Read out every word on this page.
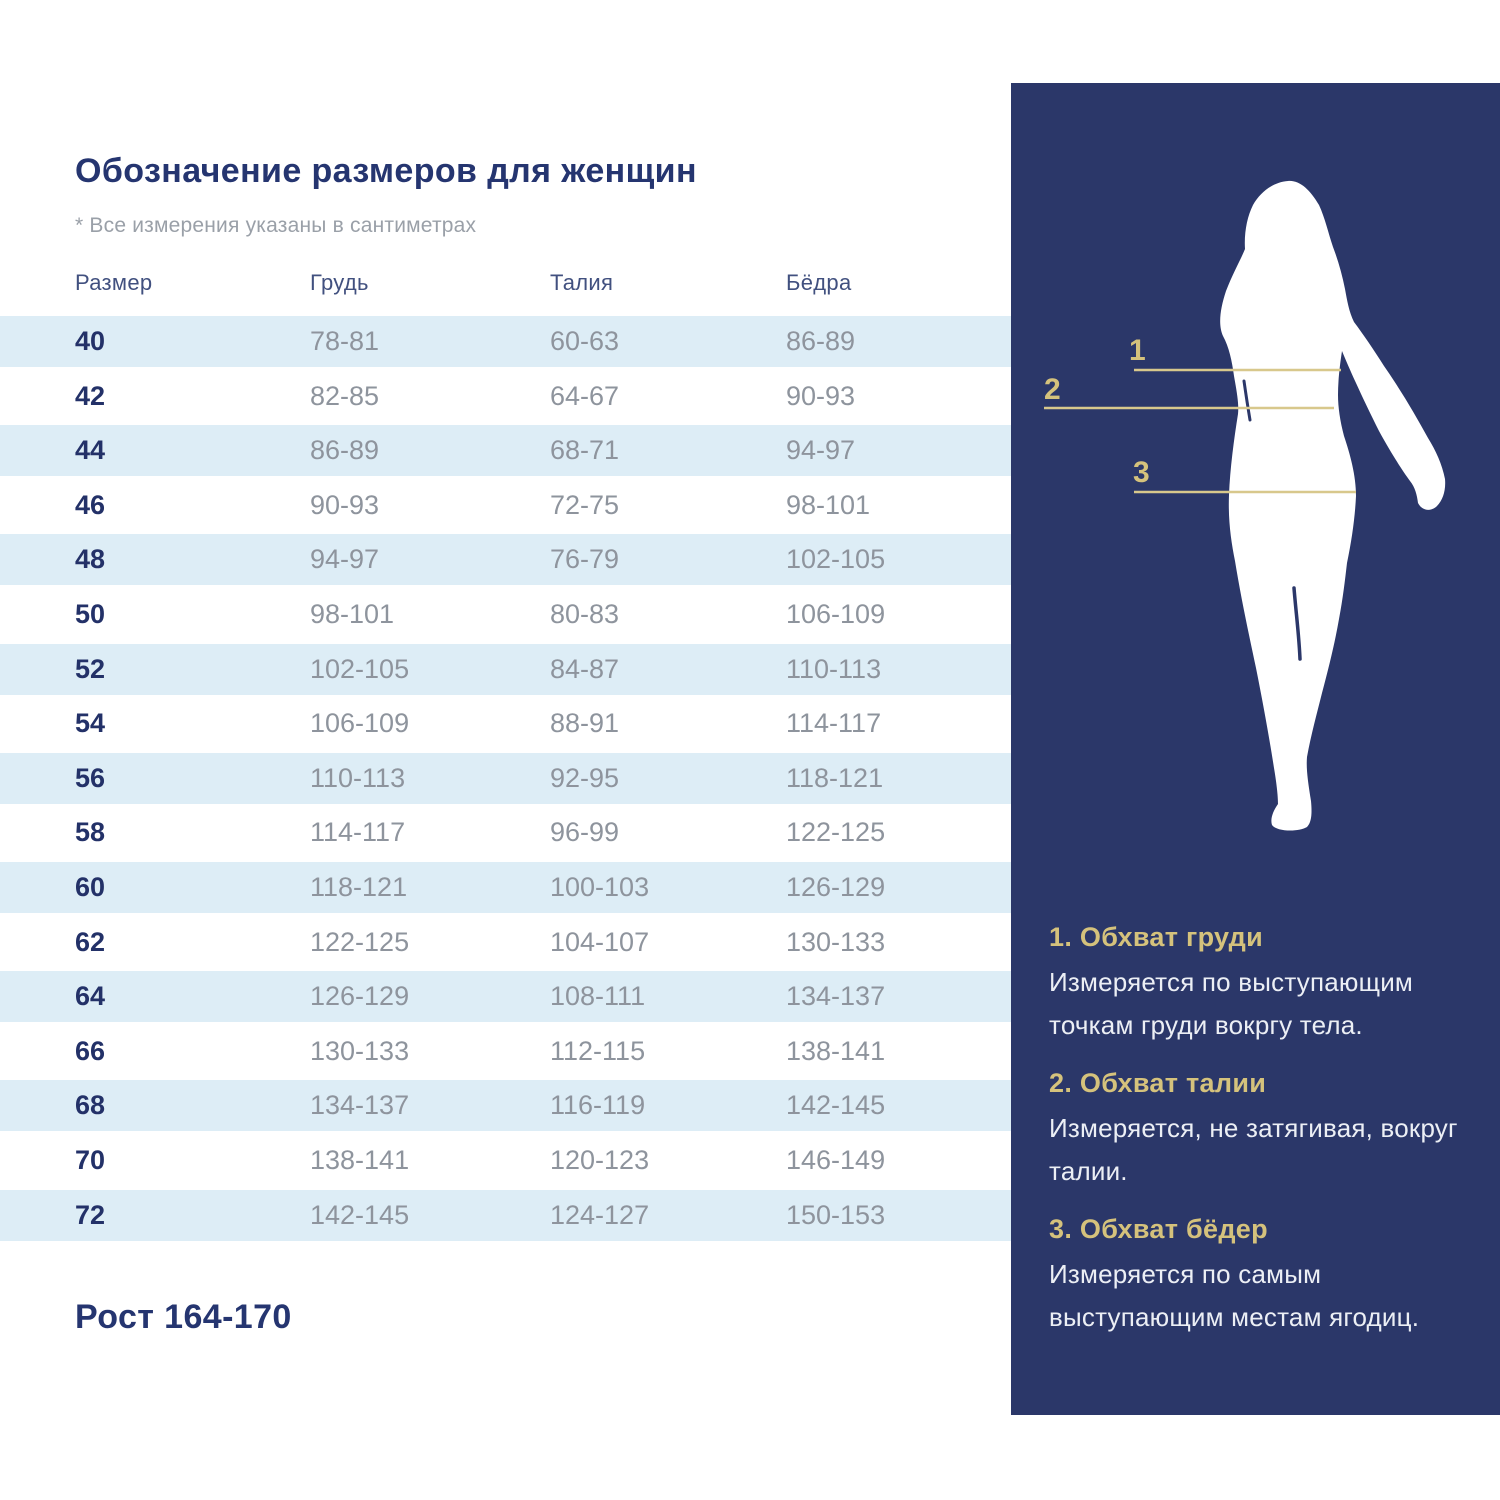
Обозначение размеров для женщин
* Все измерения указаны в сантиметрах
Размер	Грудь	Талия	Бёдра
40	78-81	60-63	86-89
42	82-85	64-67	90-93
44	86-89	68-71	94-97
46	90-93	72-75	98-101
48	94-97	76-79	102-105
50	98-101	80-83	106-109
52	102-105	84-87	110-113
54	106-109	88-91	114-117
56	110-113	92-95	118-121
58	114-117	96-99	122-125
60	118-121	100-103	126-129
62	122-125	104-107	130-133
64	126-129	108-111	134-137
66	130-133	112-115	138-141
68	134-137	116-119	142-145
70	138-141	120-123	146-149
72	142-145	124-127	150-153
Рост 164-170
1
2
3
1. Обхват груди

Измеряется по выступающим точкам груди вокргу тела.

2. Обхват талии

Измеряется, не затягивая, вокруг талии.

3. Обхват бёдер

Измеряется по самым выступающим местам ягодиц.
